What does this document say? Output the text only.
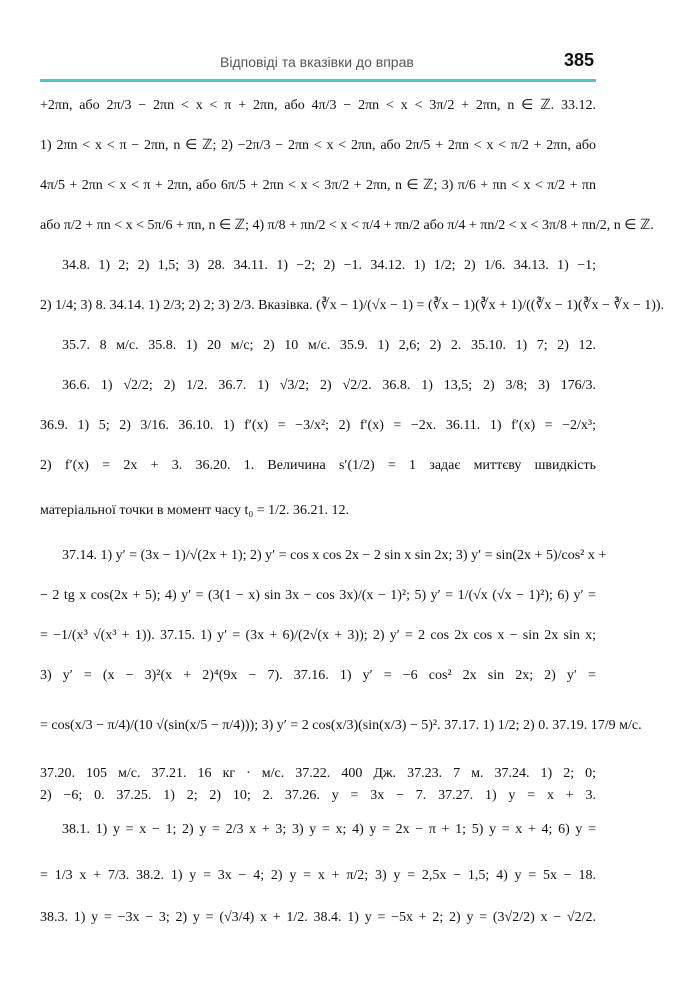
Відповіді та вказівки до вправ	385
+2πn, або 2π/3 − 2πn < x < π + 2πn, або 4π/3 − 2πn < x < 3π/2 + 2πn, n ∈ ℤ. 33.12.
1) 2πn < x < π − 2πn, n ∈ ℤ; 2) −2π/3 − 2πn < x < 2πn, або 2π/5 + 2πn < x < π/2 + 2πn, або
4π/5 + 2πn < x < π + 2πn, або 6π/5 + 2πn < x < 3π/2 + 2πn, n ∈ ℤ; 3) π/6 + πn < x < π/2 + πn
або π/2 + πn < x < 5π/6 + πn, n ∈ ℤ; 4) π/8 + πn/2 < x < π/4 + πn/2 або π/4 + πn/2 < x < 3π/8 + πn/2, n ∈ ℤ.
34.8. 1) 2; 2) 1,5; 3) 28. 34.11. 1) −2; 2) −1. 34.12. 1) 1/2; 2) 1/6. 34.13. 1) −1;
2) 1/4; 3) 8. 34.14. 1) 2/3; 2) 2; 3) 2/3. Вказівка. (∛x − 1)/(√x − 1) = (∛x − 1)(∛x + 1)/((∛x − 1)(∛x − ∛x − 1)).
35.7. 8 м/с. 35.8. 1) 20 м/с; 2) 10 м/с. 35.9. 1) 2,6; 2) 2. 35.10. 1) 7; 2) 12.
36.6. 1) √2/2; 2) 1/2. 36.7. 1) √3/2; 2) √2/2. 36.8. 1) 13,5; 2) 3/8; 3) 176/3.
36.9. 1) 5; 2) 3/16. 36.10. 1) f′(x) = −3/x²; 2) f′(x) = −2x. 36.11. 1) f′(x) = −2/x³;
2) f′(x) = 2x + 3. 36.20. 1. Величина s′(1/2) = 1 задає миттєву швидкість
матеріальної точки в момент часу t₀ = 1/2. 36.21. 12.
37.14. 1) y′ = (3x − 1)/√(2x + 1); 2) y′ = cos x cos 2x − 2 sin x sin 2x; 3) y′ = sin(2x + 5)/cos² x +
− 2 tg x cos(2x + 5); 4) y′ = (3(1 − x) sin 3x − cos 3x)/(x − 1)²; 5) y′ = 1/(√x (√x − 1)²); 6) y′ =
= −1/(x³ √(x³ + 1)). 37.15. 1) y′ = (3x + 6)/(2√(x + 3)); 2) y′ = 2 cos 2x cos x − sin 2x sin x;
3) y′ = (x − 3)²(x + 2)⁴(9x − 7). 37.16. 1) y′ = −6 cos² 2x sin 2x; 2) y′ =
= cos(x/3 − π/4)/(10 √(sin(x/5 − π/4))); 3) y′ = 2 cos(x/3)(sin(x/3) − 5)². 37.17. 1) 1/2; 2) 0. 37.19. 17/9 м/с.
37.20. 105 м/с. 37.21. 16 кг · м/с. 37.22. 400 Дж. 37.23. 7 м. 37.24. 1) 2; 0;
2) −6; 0. 37.25. 1) 2; 2) 10; 2. 37.26. y = 3x − 7. 37.27. 1) y = x + 3.
38.1. 1) y = x − 1; 2) y = 2/3 x + 3; 3) y = x; 4) y = 2x − π + 1; 5) y = x + 4; 6) y =
= 1/3 x + 7/3. 38.2. 1) y = 3x − 4; 2) y = x + π/2; 3) y = 2,5x − 1,5; 4) y = 5x − 18.
38.3. 1) y = −3x − 3; 2) y = (√3/4) x + 1/2. 38.4. 1) y = −5x + 2; 2) y = (3√2/2) x − √2/2.
